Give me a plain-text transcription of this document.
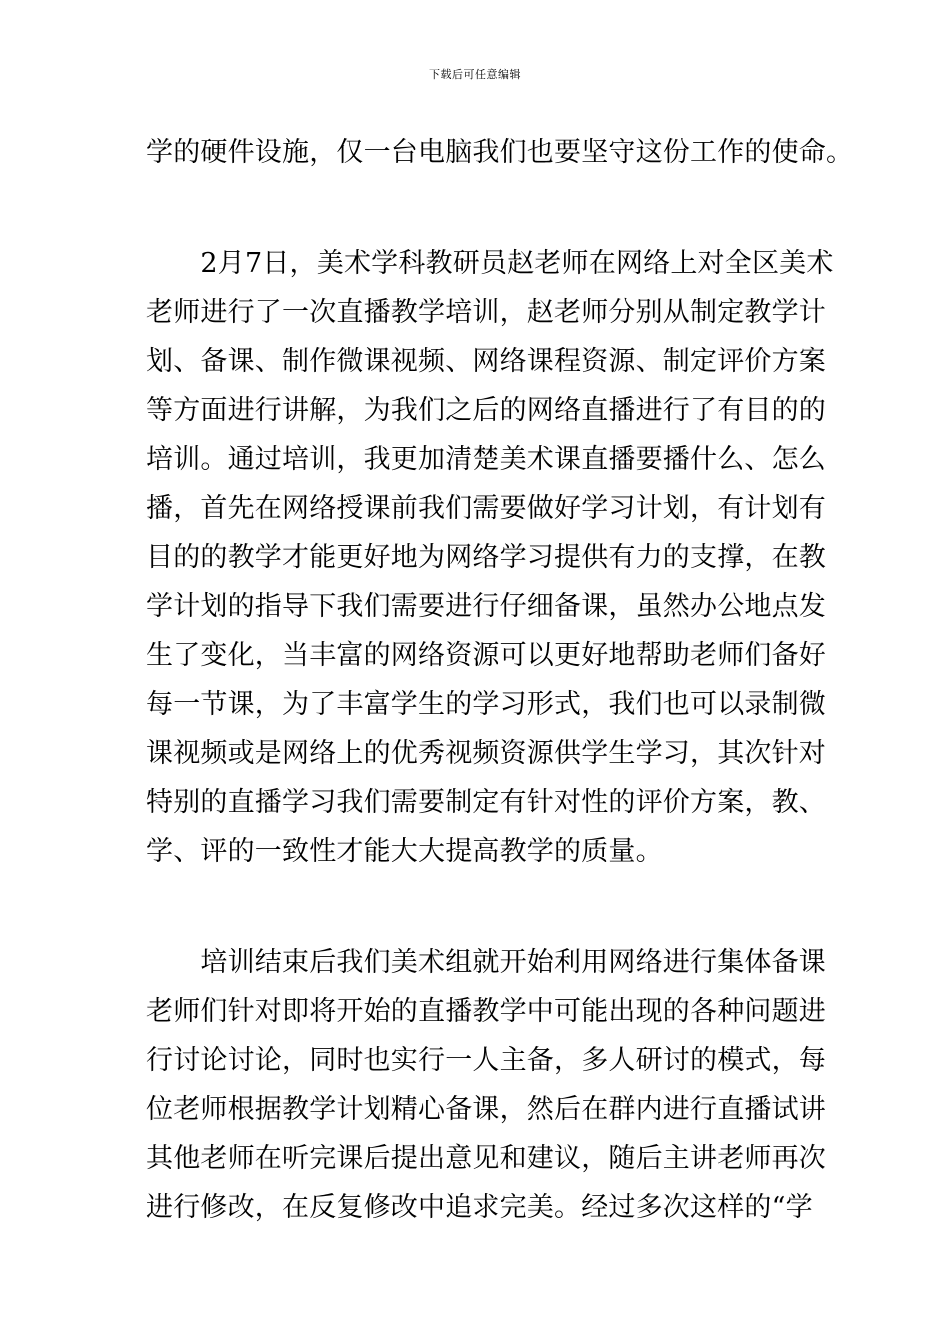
下载后可任意编辑
学的硬件设施，仅一台电脑我们也要坚守这份工作的使命。
　　2月7日，美术学科教研员赵老师在网络上对全区美术
老师进行了一次直播教学培训，赵老师分别从制定教学计
划、备课、制作微课视频、网络课程资源、制定评价方案
等方面进行讲解，为我们之后的网络直播进行了有目的的
培训。通过培训，我更加清楚美术课直播要播什么、怎么
播，首先在网络授课前我们需要做好学习计划，有计划有
目的的教学才能更好地为网络学习提供有力的支撑，在教
学计划的指导下我们需要进行仔细备课，虽然办公地点发
生了变化，当丰富的网络资源可以更好地帮助老师们备好
每一节课，为了丰富学生的学习形式，我们也可以录制微
课视频或是网络上的优秀视频资源供学生学习，其次针对
特别的直播学习我们需要制定有针对性的评价方案，教、
学、评的一致性才能大大提高教学的质量。
　　培训结束后我们美术组就开始利用网络进行集体备课
老师们针对即将开始的直播教学中可能出现的各种问题进
行讨论讨论，同时也实行一人主备，多人研讨的模式，每
位老师根据教学计划精心备课，然后在群内进行直播试讲
其他老师在听完课后提出意见和建议，随后主讲老师再次
进行修改，在反复修改中追求完美。经过多次这样的“学
